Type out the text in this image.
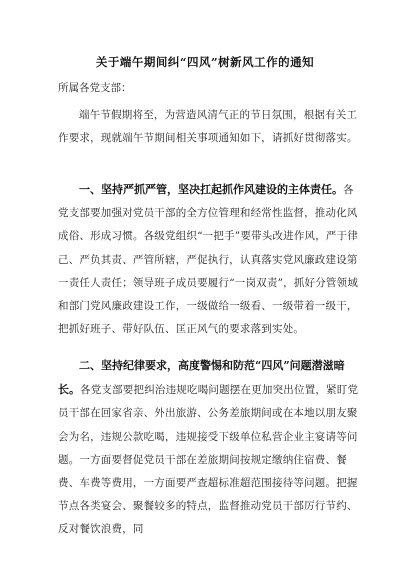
关于端午期间纠“四风”树新风工作的通知
所属各党支部：
端午节假期将至，为营造风清气正的节日氛围，根据有关工作要求，现就端午节期间相关事项通知如下，请抓好贯彻落实。
一、坚持严抓严管，坚决扛起抓作风建设的主体责任。各党支部要加强对党员干部的全方位管理和经常性监督，推动化风成俗、形成习惯。各级党组织“一把手”要带头改进作风，严于律己、严负其责、严管所辖，严促执行，认真落实党风廉政建设第一责任人责任；领导班子成员要履行“一岗双责”，抓好分管领域和部门党风廉政建设工作，一级做给一级看、一级带着一级干，把抓好班子、带好队伍、匡正风气的要求落到实处。
二、坚持纪律要求，高度警惕和防范“四风”问题潜滋暗长。各党支部要把纠治违规吃喝问题摆在更加突出位置，紧盯党员干部在回家省亲、外出旅游、公务差旅期间或在本地以朋友聚会为名，违规公款吃喝，违规接受下级单位私营企业主宴请等问题。一方面要督促党员干部在差旅期间按规定缴纳住宿费、餐费、车费等费用，一方面要严查超标准超范围接待等问题。把握节点各类宴会、聚餐较多的特点，监督推动党员干部厉行节约、反对餐饮浪费，同
